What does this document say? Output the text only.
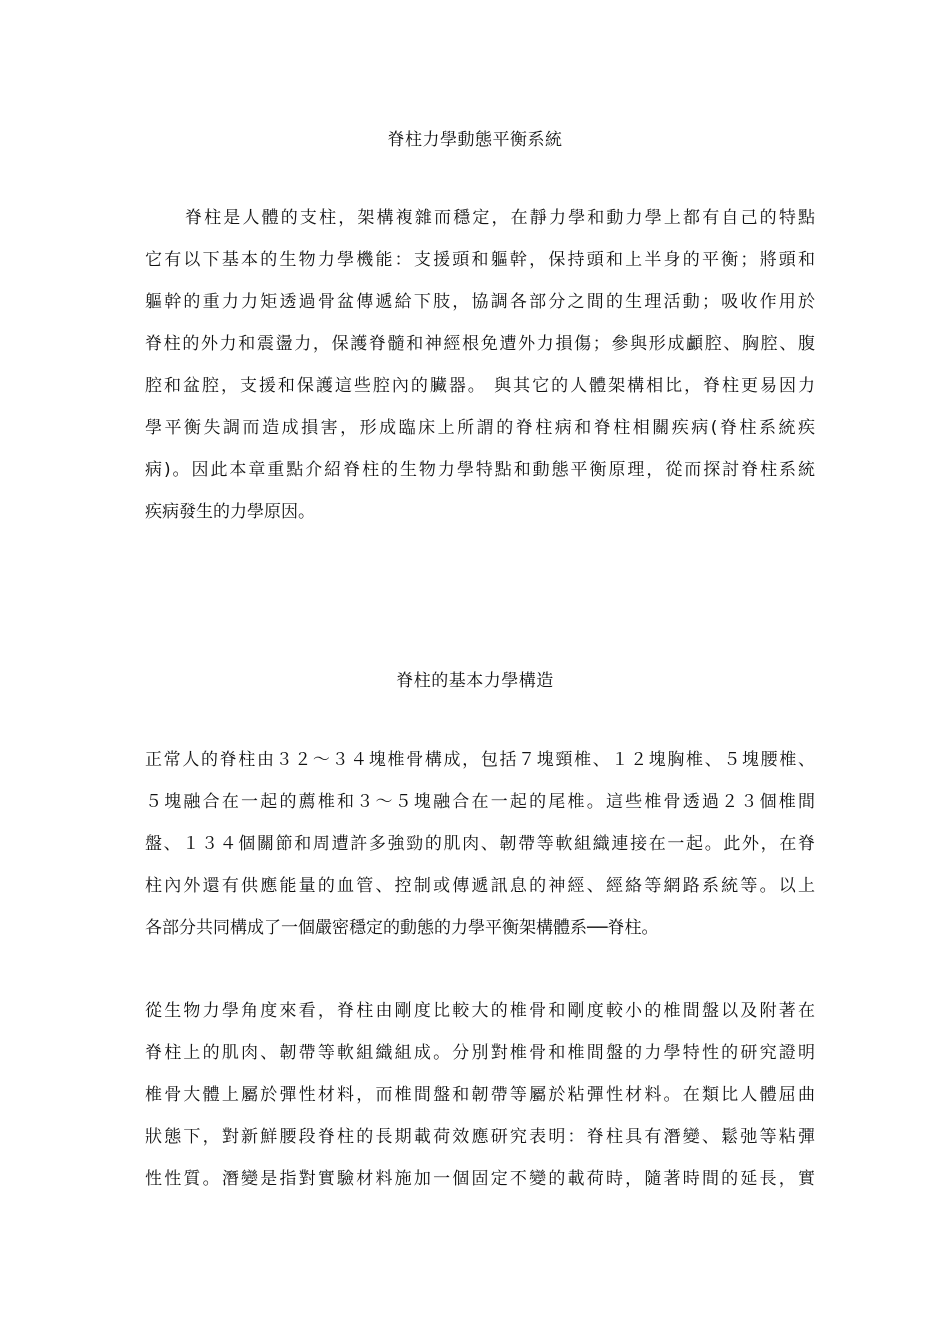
脊柱力學動態平衡系統
脊柱是人體的支柱，架構複雜而穩定，在靜力學和動力學上都有自己的特點
它有以下基本的生物力學機能：支援頭和軀幹，保持頭和上半身的平衡；將頭和
軀幹的重力力矩透過骨盆傳遞給下肢，協調各部分之間的生理活動；吸收作用於
脊柱的外力和震盪力，保護脊髓和神經根免遭外力損傷；參與形成顱腔、胸腔、腹
腔和盆腔，支援和保護這些腔內的臟器。 與其它的人體架構相比，脊柱更易因力
學平衡失調而造成損害，形成臨床上所謂的脊柱病和脊柱相關疾病(脊柱系統疾
病)。因此本章重點介紹脊柱的生物力學特點和動態平衡原理，從而探討脊柱系統
疾病發生的力學原因。
脊柱的基本力學構造
正常人的脊柱由３２～３４塊椎骨構成，包括７塊頸椎、１２塊胸椎、５塊腰椎、
５塊融合在一起的薦椎和３～５塊融合在一起的尾椎。這些椎骨透過２３個椎間
盤、１３４個關節和周遭許多強勁的肌肉、韌帶等軟組織連接在一起。此外，在脊
柱內外還有供應能量的血管、控制或傳遞訊息的神經、經絡等網路系統等。以上
各部分共同構成了一個嚴密穩定的動態的力學平衡架構體系──脊柱。
從生物力學角度來看，脊柱由剛度比較大的椎骨和剛度較小的椎間盤以及附著在
脊柱上的肌肉、韌帶等軟組織組成。分別對椎骨和椎間盤的力學特性的研究證明
椎骨大體上屬於彈性材料，而椎間盤和韌帶等屬於粘彈性材料。在類比人體屈曲
狀態下，對新鮮腰段脊柱的長期載荷效應研究表明：脊柱具有潛變、鬆弛等粘彈
性性質。潛變是指對實驗材料施加一個固定不變的載荷時，隨著時間的延長，實
